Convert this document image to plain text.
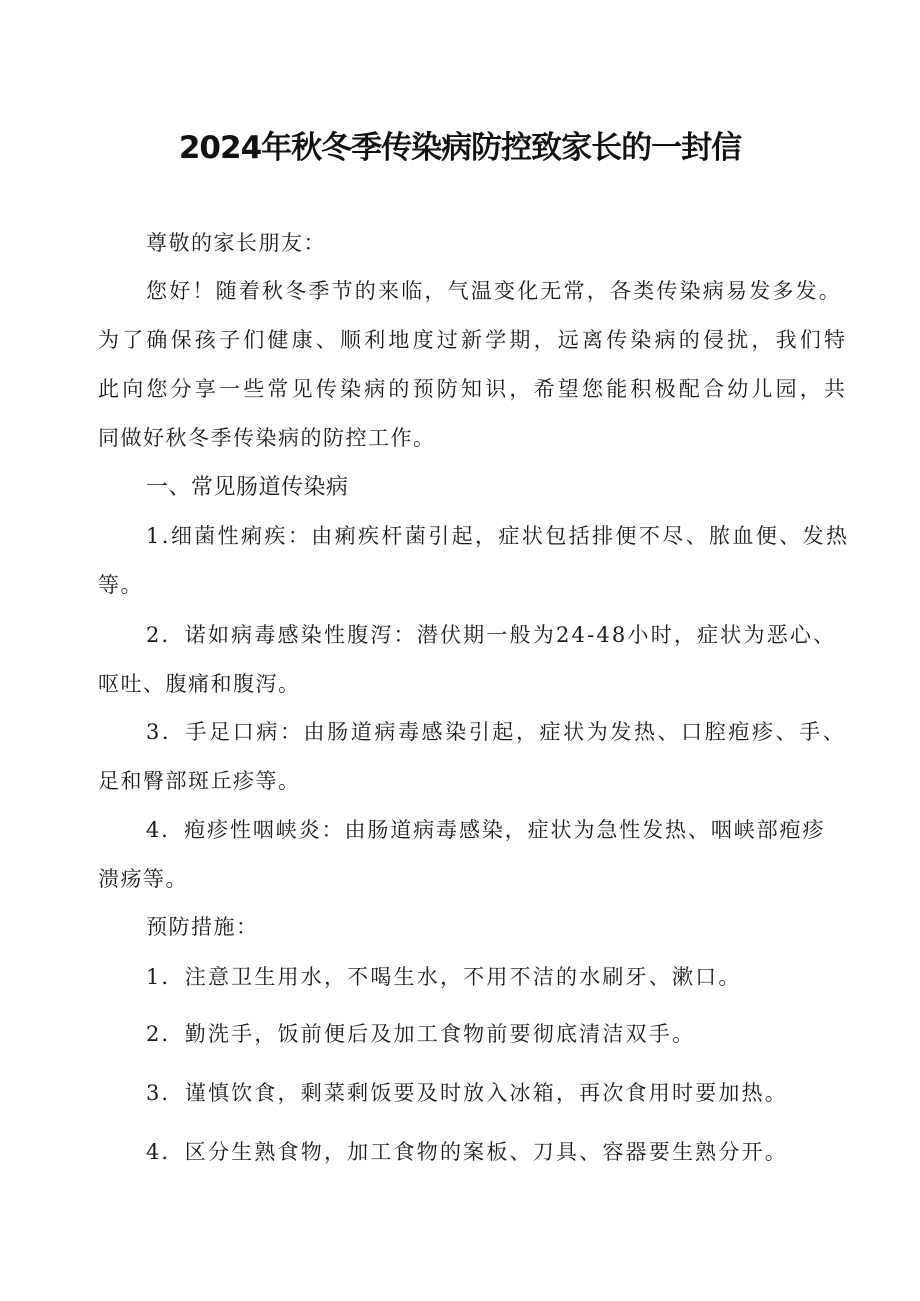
2024年秋冬季传染病防控致家长的一封信

尊敬的家长朋友：

您好！随着秋冬季节的来临，气温变化无常，各类传染病易发多发。

为了确保孩子们健康、顺利地度过新学期，远离传染病的侵扰，我们特

此向您分享一些常见传染病的预防知识，希望您能积极配合幼儿园，共

同做好秋冬季传染病的防控工作。

一、常见肠道传染病

1.细菌性痢疾：由痢疾杆菌引起，症状包括排便不尽、脓血便、发热

等。

2．诺如病毒感染性腹泻：潜伏期一般为24-48小时，症状为恶心、

呕吐、腹痛和腹泻。

3．手足口病：由肠道病毒感染引起，症状为发热、口腔疱疹、手、

足和臀部斑丘疹等。

4．疱疹性咽峡炎：由肠道病毒感染，症状为急性发热、咽峡部疱疹

溃疡等。

预防措施：

1．注意卫生用水，不喝生水，不用不洁的水刷牙、漱口。

2．勤洗手，饭前便后及加工食物前要彻底清洁双手。

3．谨慎饮食，剩菜剩饭要及时放入冰箱，再次食用时要加热。

4．区分生熟食物，加工食物的案板、刀具、容器要生熟分开。
